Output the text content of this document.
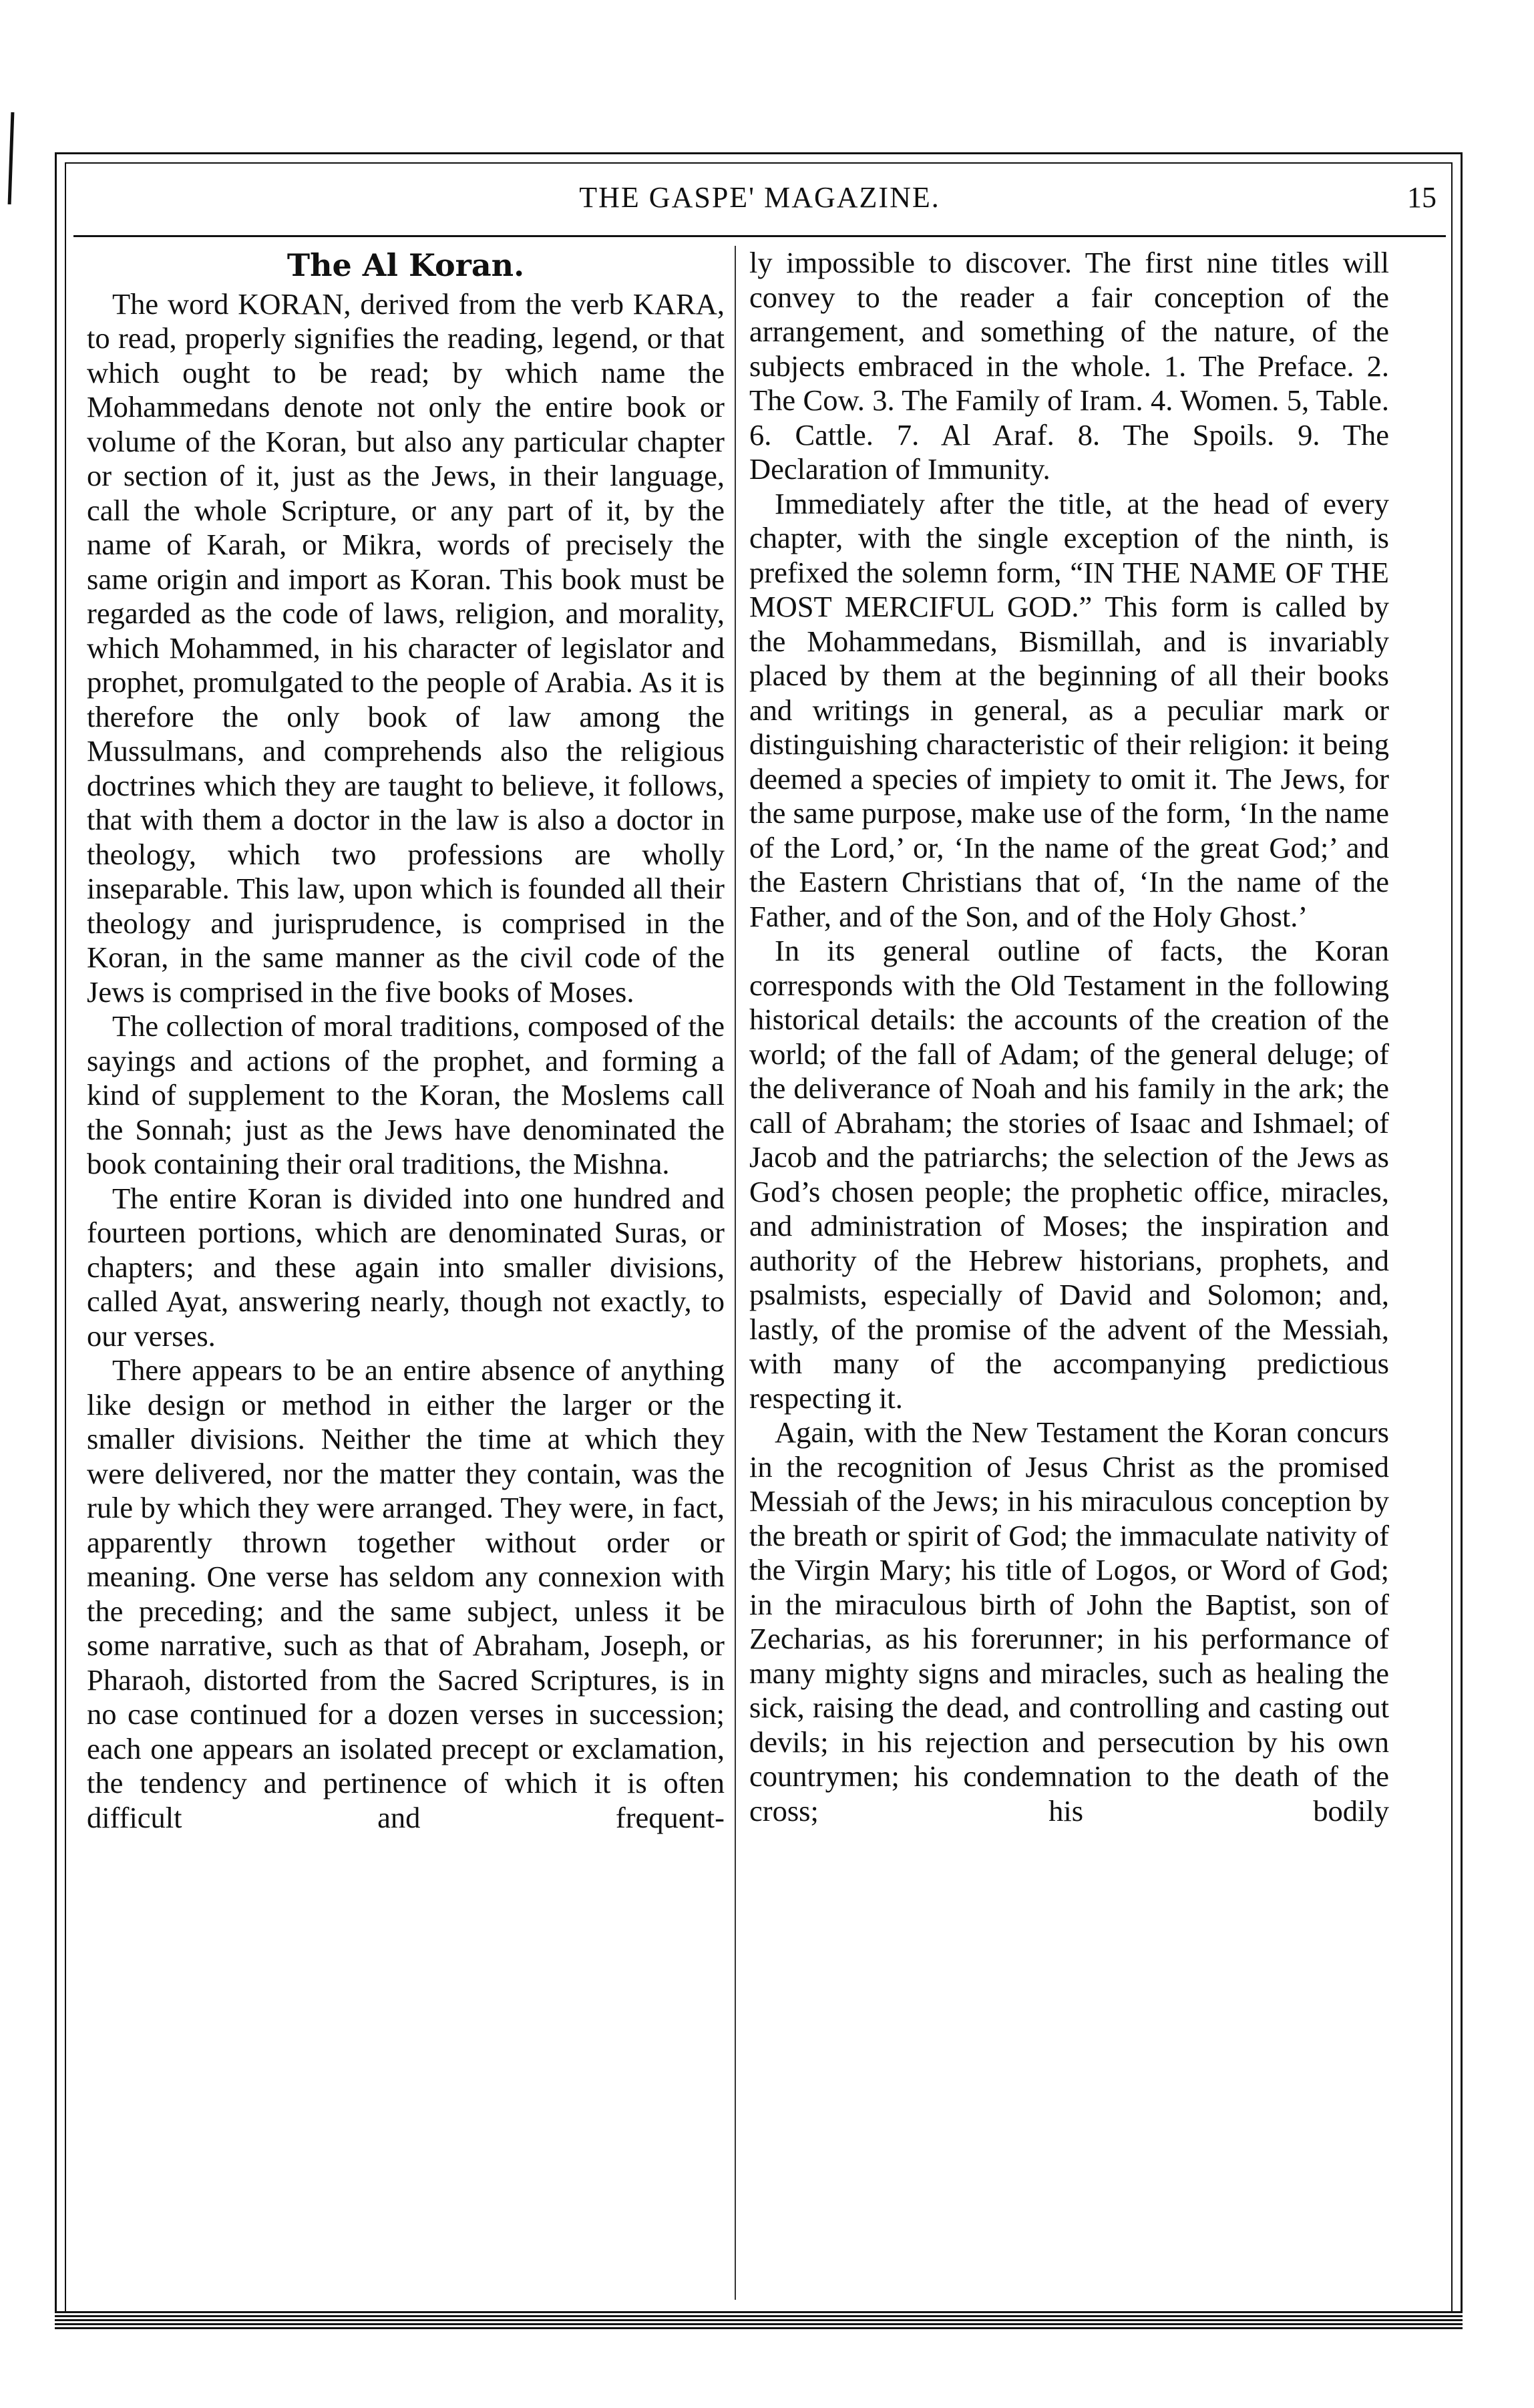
THE GASPE' MAGAZINE.	15
The Al Koran.

The word KORAN, derived from the verb KARA, to read, properly signifies the reading, legend, or that which ought to be read; by which name the Mohammedans denote not only the entire book or volume of the Koran, but also any particular chapter or section of it, just as the Jews, in their language, call the whole Scripture, or any part of it, by the name of Karah, or Mikra, words of precisely the same origin and import as Koran. This book must be regarded as the code of laws, religion, and morality, which Mohammed, in his character of legislator and prophet, promulgated to the people of Arabia. As it is therefore the only book of law among the Mussulmans, and comprehends also the religious doctrines which they are taught to believe, it follows, that with them a doctor in the law is also a doctor in theology, which two professions are wholly inseparable. This law, upon which is founded all their theology and jurisprudence, is comprised in the Koran, in the same manner as the civil code of the Jews is comprised in the five books of Moses.

The collection of moral traditions, composed of the sayings and actions of the prophet, and forming a kind of supplement to the Koran, the Moslems call the Sonnah; just as the Jews have denominated the book containing their oral traditions, the Mishna.

The entire Koran is divided into one hundred and fourteen portions, which are denominated Suras, or chapters; and these again into smaller divisions, called Ayat, answering nearly, though not exactly, to our verses.

There appears to be an entire absence of anything like design or method in either the larger or the smaller divisions. Neither the time at which they were delivered, nor the matter they contain, was the rule by which they were arranged. They were, in fact, apparently thrown together without order or meaning. One verse has seldom any connexion with the preceding; and the same subject, unless it be some narrative, such as that of Abraham, Joseph, or Pharaoh, distorted from the Sacred Scriptures, is in no case continued for a dozen verses in succession; each one appears an isolated precept or exclamation, the tendency and pertinence of which it is often difficult and frequent-

ly impossible to discover. The first nine titles will convey to the reader a fair conception of the arrangement, and something of the nature, of the subjects embraced in the whole. 1. The Preface. 2. The Cow. 3. The Family of Iram. 4. Women. 5, Table. 6. Cattle. 7. Al Araf. 8. The Spoils. 9. The Declaration of Immunity.

Immediately after the title, at the head of every chapter, with the single exception of the ninth, is prefixed the solemn form, “IN THE NAME OF THE MOST MERCIFUL GOD.” This form is called by the Mohammedans, Bismillah, and is invariably placed by them at the beginning of all their books and writings in general, as a peculiar mark or distinguishing characteristic of their religion: it being deemed a species of impiety to omit it. The Jews, for the same purpose, make use of the form, ‘In the name of the Lord,’ or, ‘In the name of the great God;’ and the Eastern Christians that of, ‘In the name of the Father, and of the Son, and of the Holy Ghost.’

In its general outline of facts, the Koran corresponds with the Old Testament in the following historical details: the accounts of the creation of the world; of the fall of Adam; of the general deluge; of the deliverance of Noah and his family in the ark; the call of Abraham; the stories of Isaac and Ishmael; of Jacob and the patriarchs; the selection of the Jews as God’s chosen people; the prophetic office, miracles, and administration of Moses; the inspiration and authority of the Hebrew historians, prophets, and psalmists, especially of David and Solomon; and, lastly, of the promise of the advent of the Messiah, with many of the accompanying predictious respecting it.

Again, with the New Testament the Koran concurs in the recognition of Jesus Christ as the promised Messiah of the Jews; in his miraculous conception by the breath or spirit of God; the immaculate nativity of the Virgin Mary; his title of Logos, or Word of God; in the miraculous birth of John the Baptist, son of Zecharias, as his forerunner; in his performance of many mighty signs and miracles, such as healing the sick, raising the dead, and controlling and casting out devils; in his rejection and persecution by his own countrymen; his condemnation to the death of the cross; his bodily
